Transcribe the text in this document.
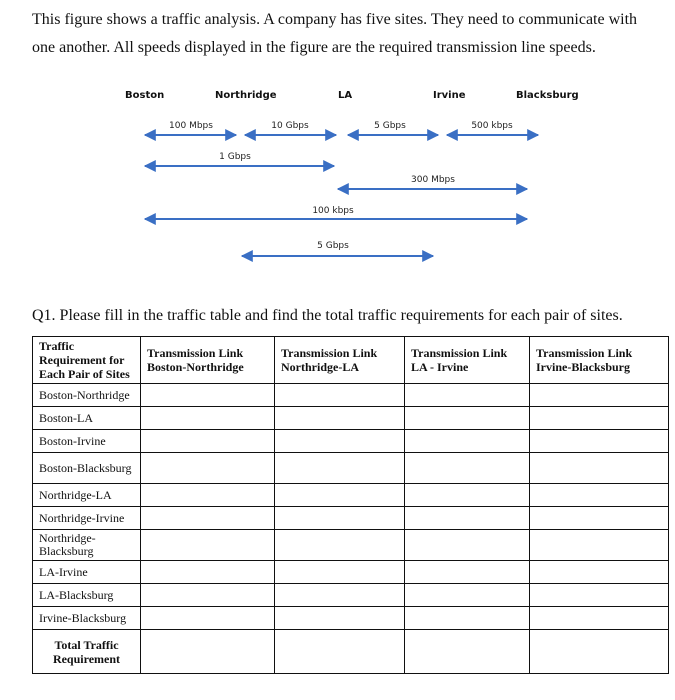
This figure shows a traffic analysis. A company has five sites. They need to communicate with one another. All speeds displayed in the figure are the required transmission line speeds.
Boston	Northridge	LA	Irvine	Blacksburg
100 Mbps	10 Gbps	5 Gbps	500 kbps
1 Gbps
300 Mbps
100 kbps
5 Gbps
Q1. Please fill in the traffic table and find the total traffic requirements for each pair of sites.
Traffic Requirement for Each Pair of Sites	Transmission Link Boston-Northridge	Transmission Link Northridge-LA	Transmission Link LA - Irvine	Transmission Link Irvine-Blacksburg
Boston-Northridge				
Boston-LA				
Boston-Irvine				
Boston-Blacksburg				
Northridge-LA				
Northridge-Irvine				
Northridge-Blacksburg				
LA-Irvine				
LA-Blacksburg				
Irvine-Blacksburg				
Total Traffic Requirement				
